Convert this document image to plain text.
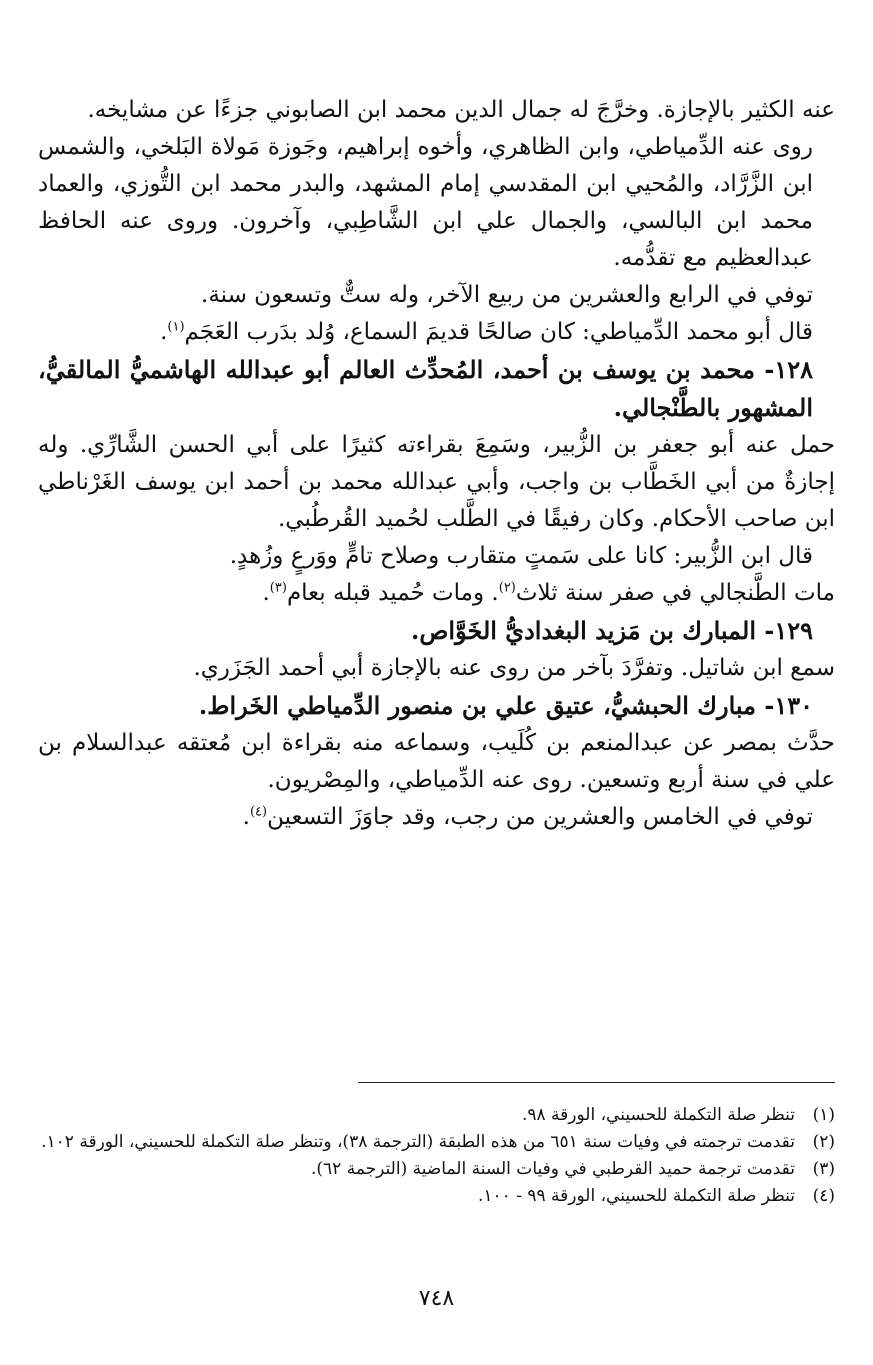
عنه الكثير بالإجازة. وخرَّجَ له جمال الدين محمد ابن الصابوني جزءًا عن مشايخه.

روى عنه الدِّمياطي، وابن الظاهري، وأخوه إبراهيم، وجَوزة مَولاة البَلخي، والشمس ابن الزَّرَّاد، والمُحيي ابن المقدسي إمام المشهد، والبدر محمد ابن التُّوزي، والعماد محمد ابن البالسي، والجمال علي ابن الشَّاطِبي، وآخرون. وروى عنه الحافظ عبدالعظيم مع تقدُّمه.

توفي في الرابع والعشرين من ربيع الآخر، وله ستٌّ وتسعون سنة.

قال أبو محمد الدِّمياطي: كان صالحًا قديمَ السماع، وُلد بدَرب العَجَم$^{(١)}$.

١٢٨- محمد بن يوسف بن أحمد، المُحدِّث العالم أبو عبدالله الهاشميُّ المالقيُّ، المشهور بالطَّنْجالي.

حمل عنه أبو جعفر بن الزُّبير، وسَمِعَ بقراءته كثيرًا على أبي الحسن الشَّارِّي. وله إجازةٌ من أبي الخَطَّاب بن واجب، وأبي عبدالله محمد بن أحمد ابن يوسف الغَرْناطي ابن صاحب الأحكام. وكان رفيقًا في الطَّلب لحُميد القُرطُبي.

قال ابن الزُّبير: كانا على سَمتٍ متقارب وصلاح تامٍّ ووَرعٍ وزُهدٍ.

مات الطَّنجالي في صفر سنة ثلاث$^{(٢)}$. ومات حُميد قبله بعام$^{(٣)}$.

١٢٩- المبارك بن مَزيد البغداديُّ الخَوَّاص.

سمع ابن شاتيل. وتفرَّدَ بآخر من روى عنه بالإجازة أبي أحمد الجَزَري.

١٣٠- مبارك الحبشيُّ، عتيق علي بن منصور الدِّمياطي الخَراط.

حدَّث بمصر عن عبدالمنعم بن كُلَيب، وسماعه منه بقراءة ابن مُعتقه عبدالسلام بن علي في سنة أربع وتسعين. روى عنه الدِّمياطي، والمِصْريون.

توفي في الخامس والعشرين من رجب، وقد جاوَزَ التسعين$^{(٤)}$.

(١)
تنظر صلة التكملة للحسيني، الورقة ٩٨.
(٢)
تقدمت ترجمته في وفيات سنة ٦٥١ من هذه الطبقة (الترجمة ٣٨)، وتنظر صلة التكملة للحسيني، الورقة ١٠٢.
(٣)
تقدمت ترجمة حميد القرطبي في وفيات السنة الماضية (الترجمة ٦٢).
(٤)
تنظر صلة التكملة للحسيني، الورقة ٩٩ - ١٠٠.
٧٤٨
